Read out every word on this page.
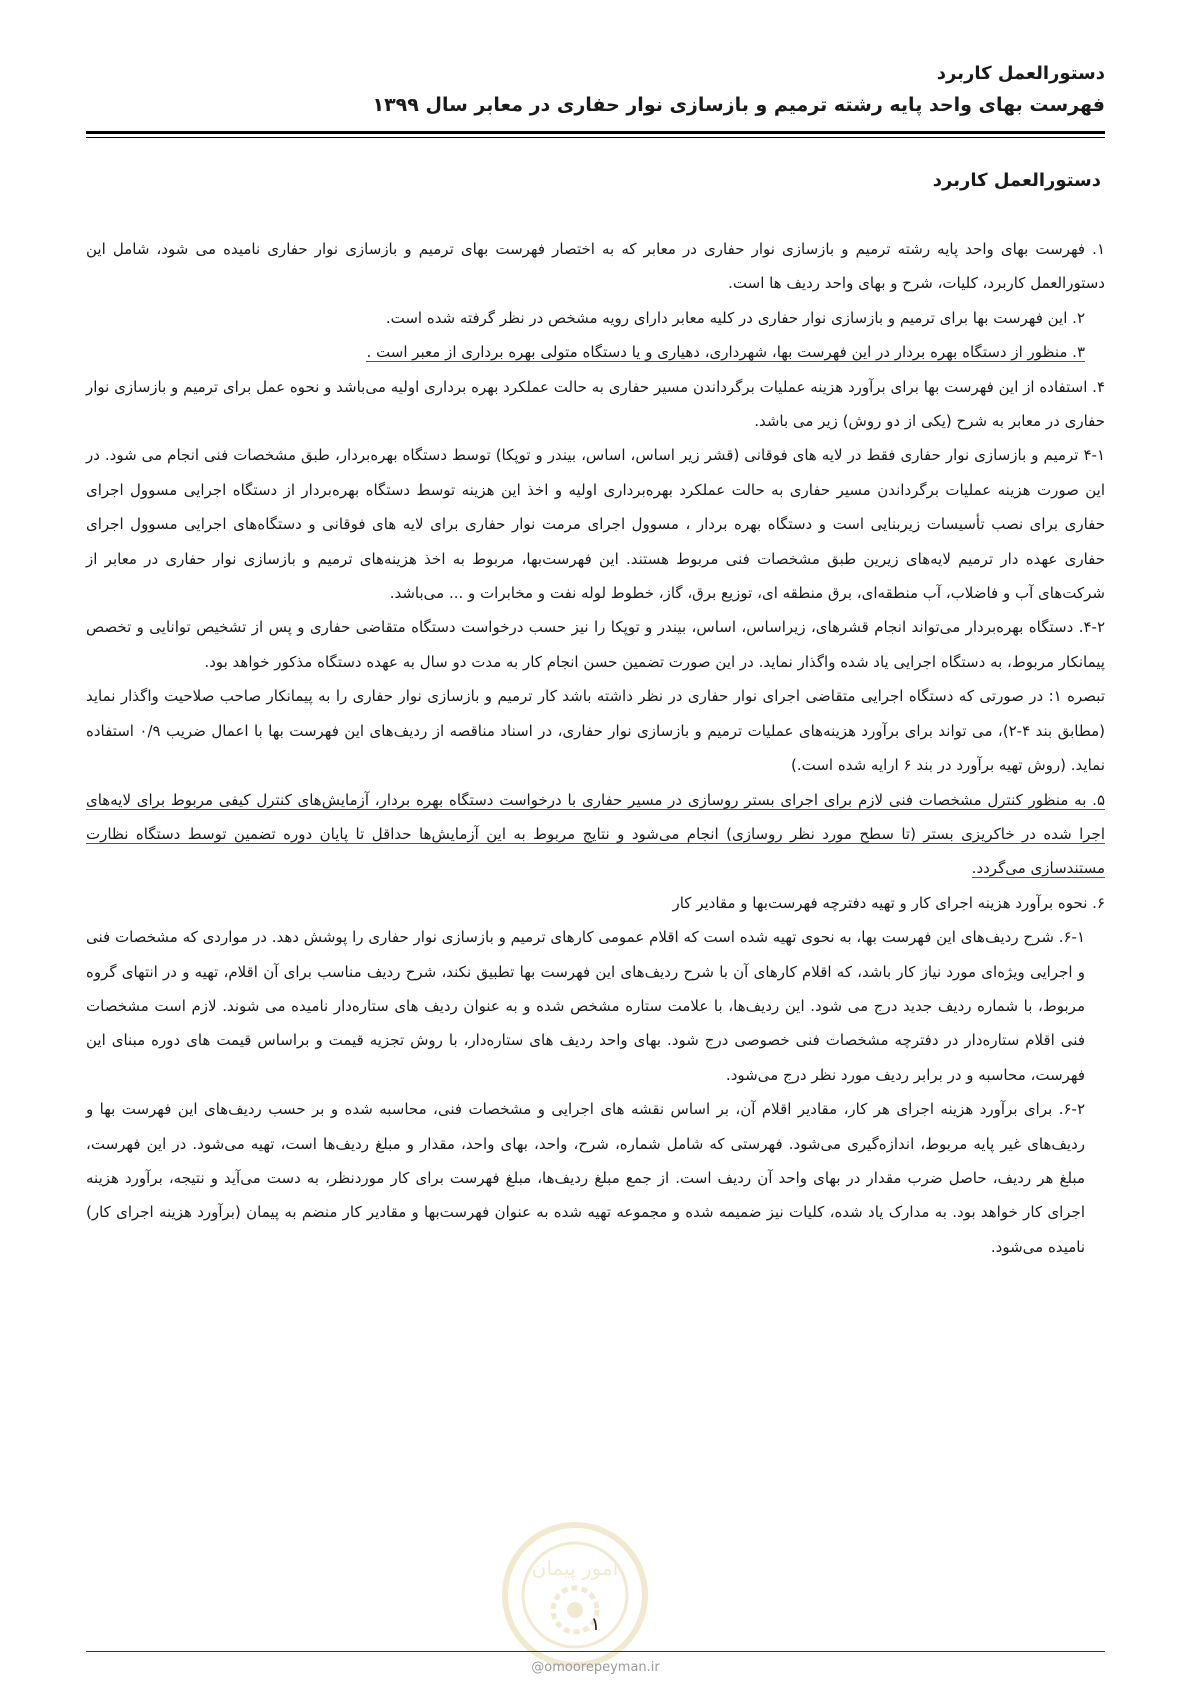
دستورالعمل کاربرد
فهرست بهای واحد پایه رشته ترمیم و بازسازی نوار حفاری در معابر سال ۱۳۹۹
دستورالعمل کاربرد

۱. فهرست بهای واحد پایه رشته ترمیم و بازسازی نوار حفاری در معابر که به اختصار فهرست بهای ترمیم و بازسازی نوار حفاری نامیده می شود، شامل این دستورالعمل کاربرد، کلیات، شرح و بهای واحد ردیف ها است.

۲. این فهرست بها برای ترمیم و بازسازی نوار حفاری در کلیه معابر دارای رویه مشخص در نظر گرفته شده است.

۳. منظور از دستگاه بهره بردار در این فهرست بها، شهرداری، دهیاری و یا دستگاه متولی بهره برداری از معبر است .

۴. استفاده از این فهرست بها برای برآورد هزینه عملیات برگرداندن مسیر حفاری به حالت عملکرد بهره برداری اولیه می‌باشد و نحوه عمل برای ترمیم و بازسازی نوار حفاری در معابر به شرح (یکی از دو روش) زیر می باشد.

۴-۱ ترمیم و بازسازی نوار حفاری فقط در لایه های فوقانی (قشر زیر اساس، اساس، بیندر و توپکا) توسط دستگاه بهره‌بردار، طبق مشخصات فنی انجام می شود. در این صورت هزینه عملیات برگرداندن مسیر حفاری به حالت عملکرد بهره‌برداری اولیه و اخذ این هزینه توسط دستگاه بهره‌بردار از دستگاه اجرایی مسوول اجرای حفاری برای نصب تأسیسات زیربنایی است و دستگاه بهره بردار ، مسوول اجرای مرمت نوار حفاری برای لایه های فوقانی و دستگاه‌های اجرایی مسوول اجرای حفاری عهده دار ترمیم لایه‌های زیرین طبق مشخصات فنی مربوط هستند. این فهرست‌بها، مربوط به اخذ هزینه‌های ترمیم و بازسازی نوار حفاری در معابر از شرکت‌های آب و فاضلاب، آب منطقه‌ای، برق منطقه ای، توزیع برق، گاز، خطوط لوله نفت و مخابرات و ... می‌باشد.

۴-۲. دستگاه بهره‌بردار می‌تواند انجام قشرهای، زیراساس، اساس، بیندر و توپکا را نیز حسب درخواست دستگاه متقاضی حفاری و پس از تشخیص توانایی و تخصص پیمانکار مربوط، به دستگاه اجرایی یاد شده واگذار نماید. در این صورت تضمین حسن انجام کار به مدت دو سال به عهده دستگاه مذکور خواهد بود.

تبصره ۱: در صورتی که دستگاه اجرایی متقاضی اجرای نوار حفاری در نظر داشته باشد کار ترمیم و بازسازی نوار حفاری را به پیمانکار صاحب صلاحیت واگذار نماید (مطابق بند ۴-۲)، می تواند برای برآورد هزینه‌های عملیات ترمیم و بازسازی نوار حفاری، در اسناد مناقصه از ردیف‌های این فهرست بها با اعمال ضریب ۰/۹ استفاده نماید. (روش تهیه برآورد در بند ۶ ارایه شده است.)

۵. به منظور کنترل مشخصات فنی لازم برای اجرای بستر روسازی در مسیر حفاری با درخواست دستگاه بهره بردار، آزمایش‌های کنترل کیفی مربوط برای لایه‌های اجرا شده در خاکریزی بستر (تا سطح مورد نظر روسازی) انجام می‌شود و نتایج مربوط به این آزمایش‌ها حداقل تا پایان دوره تضمین توسط دستگاه نظارت مستندسازی می‌گردد.

۶. نحوه برآورد هزینه اجرای کار و تهیه دفترچه فهرست‌بها و مقادیر کار

۶-۱. شرح ردیف‌های این فهرست بها، به نحوی تهیه شده است که اقلام عمومی کارهای ترمیم و بازسازی نوار حفاری را پوشش دهد. در مواردی که مشخصات فنی و اجرایی ویژه‌ای مورد نیاز کار باشد، که اقلام کارهای آن با شرح ردیف‌های این فهرست بها تطبیق نکند، شرح ردیف مناسب برای آن اقلام، تهیه و در انتهای گروه مربوط، با شماره ردیف جدید درج می شود. این ردیف‌ها، با علامت ستاره مشخص شده و به عنوان ردیف های ستاره‌دار نامیده می شوند. لازم است مشخصات فنی اقلام ستاره‌دار در دفترچه مشخصات فنی خصوصی درج شود. بهای واحد ردیف های ستاره‌دار، با روش تجزیه قیمت و براساس قیمت های دوره مبنای این فهرست، محاسبه و در برابر ردیف مورد نظر درج می‌شود.

۶-۲. برای برآورد هزینه اجرای هر کار، مقادیر اقلام آن، بر اساس نقشه های اجرایی و مشخصات فنی، محاسبه شده و بر حسب ردیف‌های این فهرست بها و ردیف‌های غیر پایه مربوط، اندازه‌گیری می‌شود. فهرستی که شامل شماره، شرح، واحد، بهای واحد، مقدار و مبلغ ردیف‌ها است، تهیه می‌شود. در این فهرست، مبلغ هر ردیف، حاصل ضرب مقدار در بهای واحد آن ردیف است. از جمع مبلغ ردیف‌ها، مبلغ فهرست برای کار موردنظر، به دست می‌آید و نتیجه، برآورد هزینه اجرای کار خواهد بود. به مدارک یاد شده، کلیات نیز ضمیمه شده و مجموعه تهیه شده به عنوان فهرست‌بها و مقادیر کار منضم به پیمان (برآورد هزینه اجرای کار) نامیده می‌شود.

امور پیمان
۱
@omoorepeyman.ir
